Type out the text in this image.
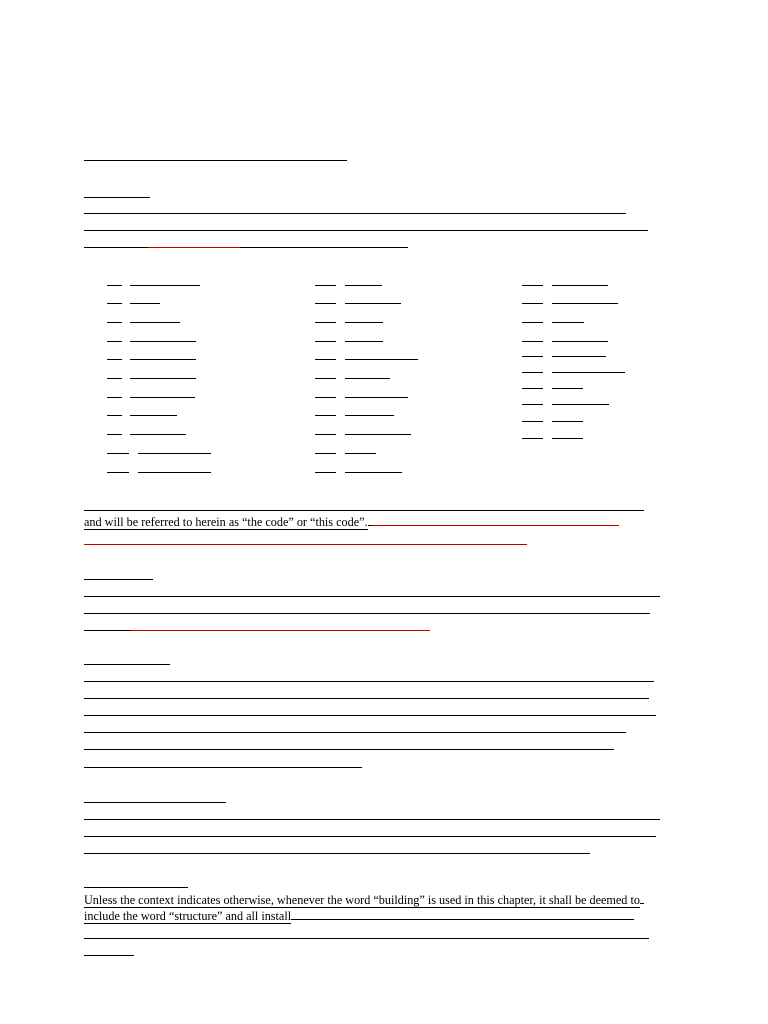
and will be referred to herein as “the code” or “this code”.
Unless the context indicates otherwise, whenever the word “building” is used in this chapter, it shall be deemed to
include the word “structure” and all install
